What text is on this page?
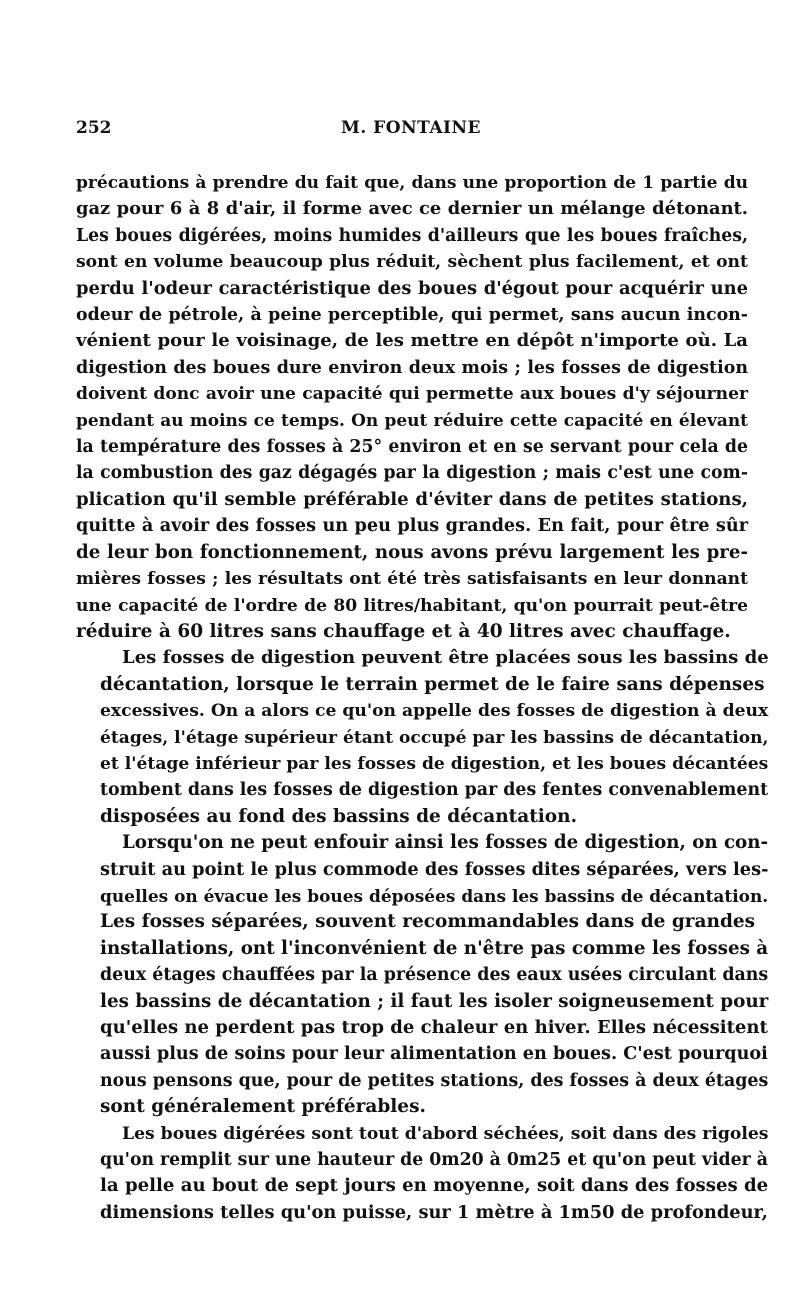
252	M. FONTAINE
précautions à prendre du fait que, dans une proportion de 1 partie du
gaz pour 6 à 8 d'air, il forme avec ce dernier un mélange détonant.
Les boues digérées, moins humides d'ailleurs que les boues fraîches,
sont en volume beaucoup plus réduit, sèchent plus facilement, et ont
perdu l'odeur caractéristique des boues d'égout pour acquérir une
odeur de pétrole, à peine perceptible, qui permet, sans aucun incon-
vénient pour le voisinage, de les mettre en dépôt n'importe où. La
digestion des boues dure environ deux mois ; les fosses de digestion
doivent donc avoir une capacité qui permette aux boues d'y séjourner
pendant au moins ce temps. On peut réduire cette capacité en élevant
la température des fosses à 25° environ et en se servant pour cela de
la combustion des gaz dégagés par la digestion ; mais c'est une com-
plication qu'il semble préférable d'éviter dans de petites stations,
quitte à avoir des fosses un peu plus grandes. En fait, pour être sûr
de leur bon fonctionnement, nous avons prévu largement les pre-
mières fosses ; les résultats ont été très satisfaisants en leur donnant
une capacité de l'ordre de 80 litres/habitant, qu'on pourrait peut-être
réduire à 60 litres sans chauffage et à 40 litres avec chauffage.
Les fosses de digestion peuvent être placées sous les bassins de
décantation, lorsque le terrain permet de le faire sans dépenses
excessives. On a alors ce qu'on appelle des fosses de digestion à deux
étages, l'étage supérieur étant occupé par les bassins de décantation,
et l'étage inférieur par les fosses de digestion, et les boues décantées
tombent dans les fosses de digestion par des fentes convenablement
disposées au fond des bassins de décantation.
Lorsqu'on ne peut enfouir ainsi les fosses de digestion, on con-
struit au point le plus commode des fosses dites séparées, vers les-
quelles on évacue les boues déposées dans les bassins de décantation.
Les fosses séparées, souvent recommandables dans de grandes
installations, ont l'inconvénient de n'être pas comme les fosses à
deux étages chauffées par la présence des eaux usées circulant dans
les bassins de décantation ; il faut les isoler soigneusement pour
qu'elles ne perdent pas trop de chaleur en hiver. Elles nécessitent
aussi plus de soins pour leur alimentation en boues. C'est pourquoi
nous pensons que, pour de petites stations, des fosses à deux étages
sont généralement préférables.
Les boues digérées sont tout d'abord séchées, soit dans des rigoles
qu'on remplit sur une hauteur de 0m20 à 0m25 et qu'on peut vider à
la pelle au bout de sept jours en moyenne, soit dans des fosses de
dimensions telles qu'on puisse, sur 1 mètre à 1m50 de profondeur,
